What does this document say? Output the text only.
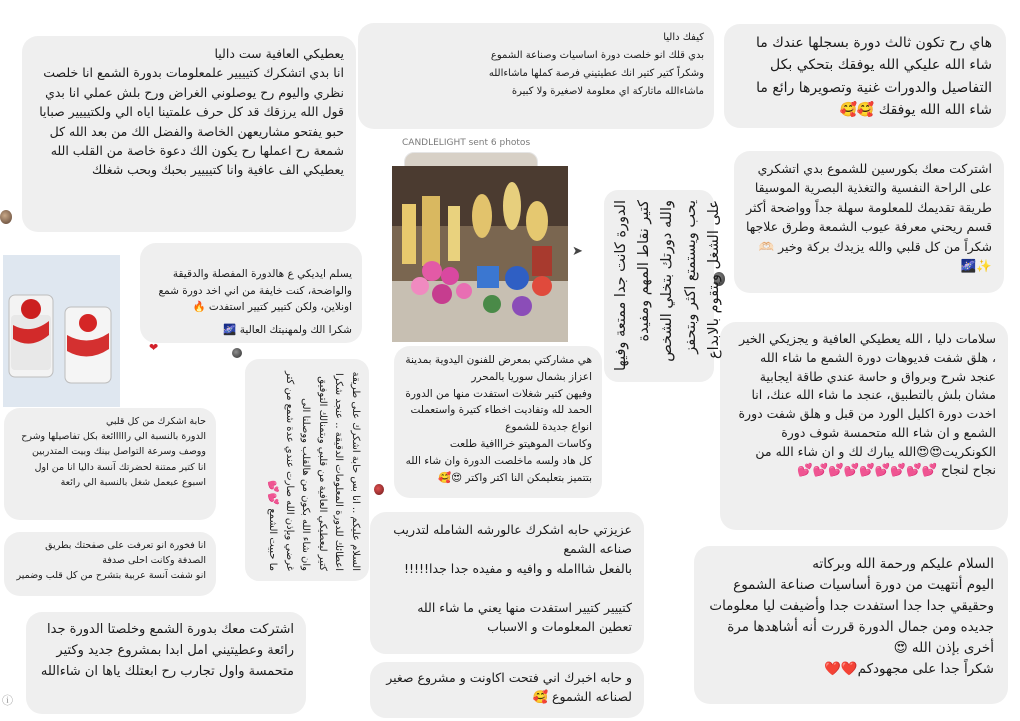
هاي رح تكون ثالث دورة بسجلها عندك ما شاء الله عليكي الله يوفقك بتحكي بكل التفاصيل والدورات غنية وتصويرها رائع ما شاء الله الله يوفقك 🥰🥰
اشتركت معك بكورسين للشموع بدي اتشكري على الراحة النفسية والتغذية البصرية الموسيقا طريقة تقديمك للمعلومة سهلة جداً وواضحة أكثر قسم ريحني معرفة عيوب الشمعة وطرق علاجها شكراً من كل قلبي والله يزيدك بركة وخير 🫶🏻✨🌌
سلامات دليا ، الله يعطيكي العافية و يجزيكي الخير ، هلق شفت فديوهات دورة الشمع ما شاء الله عنجد شرح وبرواق و حاسة عندي طاقة ايجابية مشان بلش بالتطبيق، عنجد ما شاء الله عنك، انا اخدت دورة اكليل الورد من قبل و هلق شفت دورة الشمع و ان شاء الله متحمسة شوف دورة الكونكريت😍😍الله يبارك لك و ان شاء الله من نجاح لنجاح 💕💕💕💕💕💕💕💕💕
السلام عليكم ورحمة الله وبركاته
اليوم أنتهيت من دورة أساسيات صناعة الشموع وحقيقي جدا جدا استفدت جدا وأضيفت ليا معلومات جديده ومن جمال الدورة قررت أنه أشاهدها مرة أخرى بإذن الله 😍
شكراً جدا على مجهودكم❤️❤️
الدورة كانت جدا ممتعة وفيها كتير نقاط المهم ومفيدة والله دورتك بتخلي الشخص يحب ويستمتع اكثر وبتحفز على الشغل وبتقوم بالابداع
كيفك داليا
بدي قلك انو خلصت دورة اساسيات وصناعة الشموع
وشكراً كتير كتير انك عطيتيني فرصة كملها ماشاءالله
ماشاءالله ماتاركة اي معلومة لاصغيرة ولا كبيرة
CANDLELIGHT sent 6 photos
➤
هي مشاركتي بمعرض للفنون اليدوية بمدينة اعزاز بشمال سوريا بالمحرر
وفيهن كتير شغلات استفدت منها من الدورة الحمد لله وتفاديت اخطاء كتيرة واستعملت انواع جديدة للشموع
وكاسات الموهيتو خرااافية طلعت
كل هاد ولسه ماخلصت الدورة وان شاء الله بتتميز بتعليمكن النا اكتر واكتر 😍🥰
عزيزتي حابه اشكرك عالورشه الشامله لتدريب صناعه الشمع
بالفعل شااامله و وافيه و مفيده جدا جدا!!!!!

كتييير كتيير استفدت منها يعني ما شاء الله تعطين المعلومات و الاسباب
و حابه اخبرك اني فتحت اكاونت و مشروع صغير لصناعه الشموع 🥰
يعطيكي العافية ست داليا
انا بدي اتشكرك كتيييير علمعلومات بدورة الشمع انا خلصت نظري واليوم رح يوصلوني الغراض ورح بلش عملي انا بدي قول الله يرزقك قد كل حرف علمتينا اياه الي ولكتيييير صبايا حبو يفتحو مشاريعهن الخاصة والفضل الك من بعد الله كل شمعة رح اعملها رح يكون الك دعوة خاصة من القلب الله يعطيكي الف عافية وانا كتيييير بحبك وبحب شغلك

يسلم ايديكي ع هالدورة المفصلة والدقيقة والواضحة، كنت خايفة من اني اخد دورة شمع اونلاين، ولكن كتيير كتيير استفدت 🔥

شكرا الك ولمهنيتك العالية 🌌

❤
حابة اشكرك من كل قلبي
الدورة بالنسبة الي رااااائعة بكل تفاصيلها وشرح ووصف وسرعة التواصل بينك وبيت المتدربين
انا كتير ممتنة لحضرتك آنسة داليا انا من اول اسبوع عبعمل شغل بالنسبة الي رائعة
انا فخورة انو تعرفت على صفحتك بطريق الصدفة وكانت احلى صدفة
انو شفت آنسة عربية بتشرح من كل قلب وضمير
السلام عليكم .. انا بس حابة اشكرك على طريقة اعطائك للدورة المعلومات الدقيقة .. عنجد شكرا كتير ليعطيكي العافية من قلبي وبتمنالك التوفيق وان شاء الله بكون من هالقلب ووصلنا الى غرضي وبإذن الله صارت عندي عدة شمع من كتر ما حبيت الشمع 💕💕
اشتركت معك بدورة الشمع وخلصتا الدورة جدا رائعة وعطيتيني امل ابدا بمشروع جديد وكتير متحمسة واول تجارب رح ابعتلك ياها ان شاءالله
ⓘ
